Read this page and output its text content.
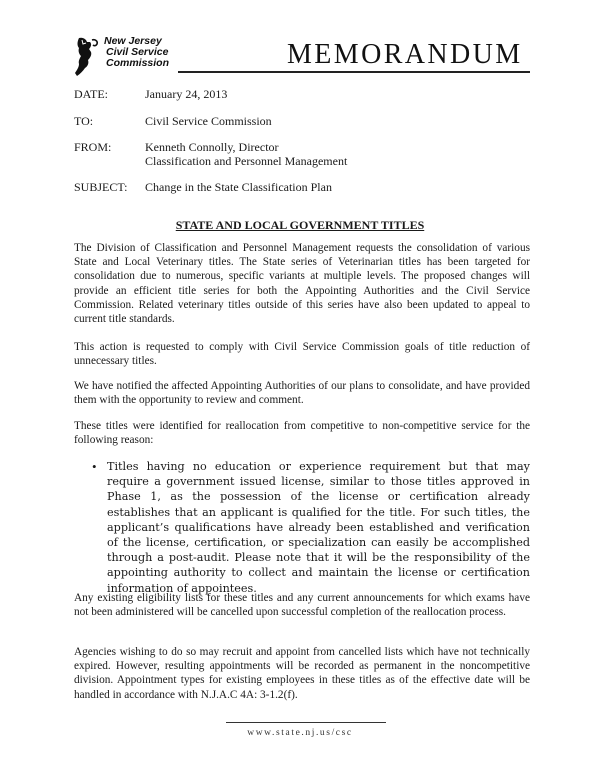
New Jersey
Civil Service
Commission	MEMORANDUM
DATE:	January 24, 2013
TO:	Civil Service Commission
FROM:	Kenneth Connolly, Director
Classification and Personnel Management
SUBJECT: Change in the State Classification Plan
STATE AND LOCAL GOVERNMENT TITLES

The Division of Classification and Personnel Management requests the consolidation of various State and Local Veterinary titles. The State series of Veterinarian titles has been targeted for consolidation due to numerous, specific variants at multiple levels. The proposed changes will provide an efficient title series for both the Appointing Authorities and the Civil Service Commission. Related veterinary titles outside of this series have also been updated to appeal to current title standards.

This action is requested to comply with Civil Service Commission goals of title reduction of unnecessary titles.

We have notified the affected Appointing Authorities of our plans to consolidate, and have provided them with the opportunity to review and comment.

These titles were identified for reallocation from competitive to non-competitive service for the following reason:

• Titles having no education or experience requirement but that may require a government issued license, similar to those titles approved in Phase 1, as the possession of the license or certification already establishes that an applicant is qualified for the title. For such titles, the applicant’s qualifications have already been established and verification of the license, certification, or specialization can easily be accomplished through a post-audit. Please note that it will be the responsibility of the appointing authority to collect and maintain the license or certification information of appointees.

Any existing eligibility lists for these titles and any current announcements for which exams have not been administered will be cancelled upon successful completion of the reallocation process.

Agencies wishing to do so may recruit and appoint from cancelled lists which have not technically expired. However, resulting appointments will be recorded as permanent in the noncompetitive division. Appointment types for existing employees in these titles as of the effective date will be handled in accordance with N.J.A.C 4A: 3-1.2(f).

www.state.nj.us/csc
